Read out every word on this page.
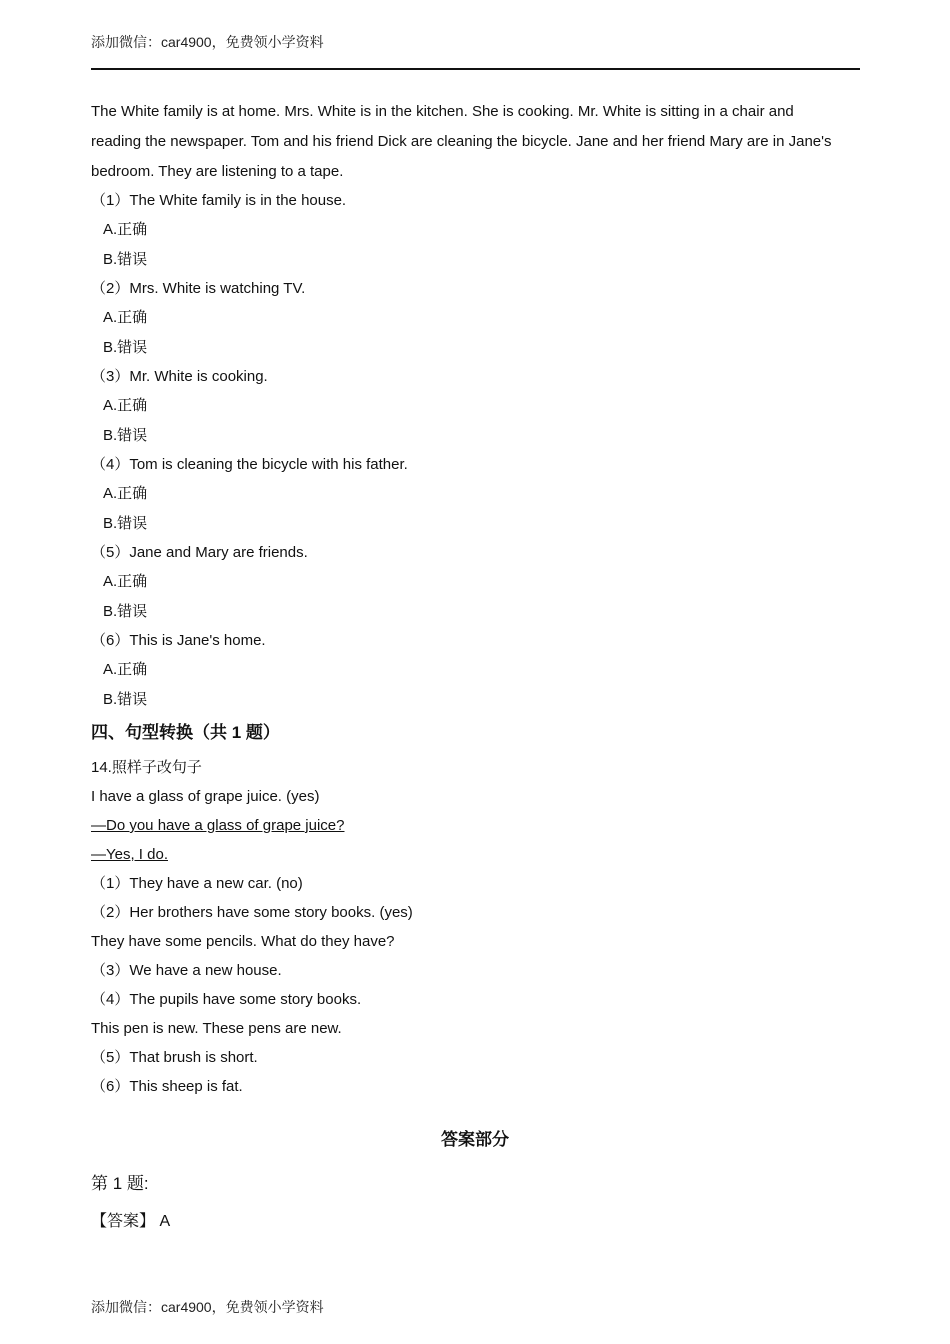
添加微信：car4900，免费领小学资料
The White family is at home. Mrs. White is in the kitchen. She is cooking. Mr. White is sitting in a chair and
reading the newspaper. Tom and his friend Dick are cleaning the bicycle. Jane and her friend Mary are in Jane's
bedroom. They are listening to a tape.
（1）The White family is in the house.
A.正确
B.错误
（2）Mrs. White is watching TV.
A.正确
B.错误
（3）Mr. White is cooking.
A.正确
B.错误
（4）Tom is cleaning the bicycle with his father.
A.正确
B.错误
（5）Jane and Mary are friends.
A.正确
B.错误
（6）This is Jane's home.
A.正确
B.错误
四、句型转换（共 1 题）
14.照样子改句子
I have a glass of grape juice. (yes)
—Do you have a glass of grape juice?
—Yes, I do.
（1）They have a new car. (no)
（2）Her brothers have some story books. (yes)
They have some pencils. What do they have?
（3）We have a new house.
（4）The pupils have some story books.
This pen is new. These pens are new.
（5）That brush is short.
（6）This sheep is fat.
答案部分
第 1 题:
【答案】 A
添加微信：car4900，免费领小学资料
